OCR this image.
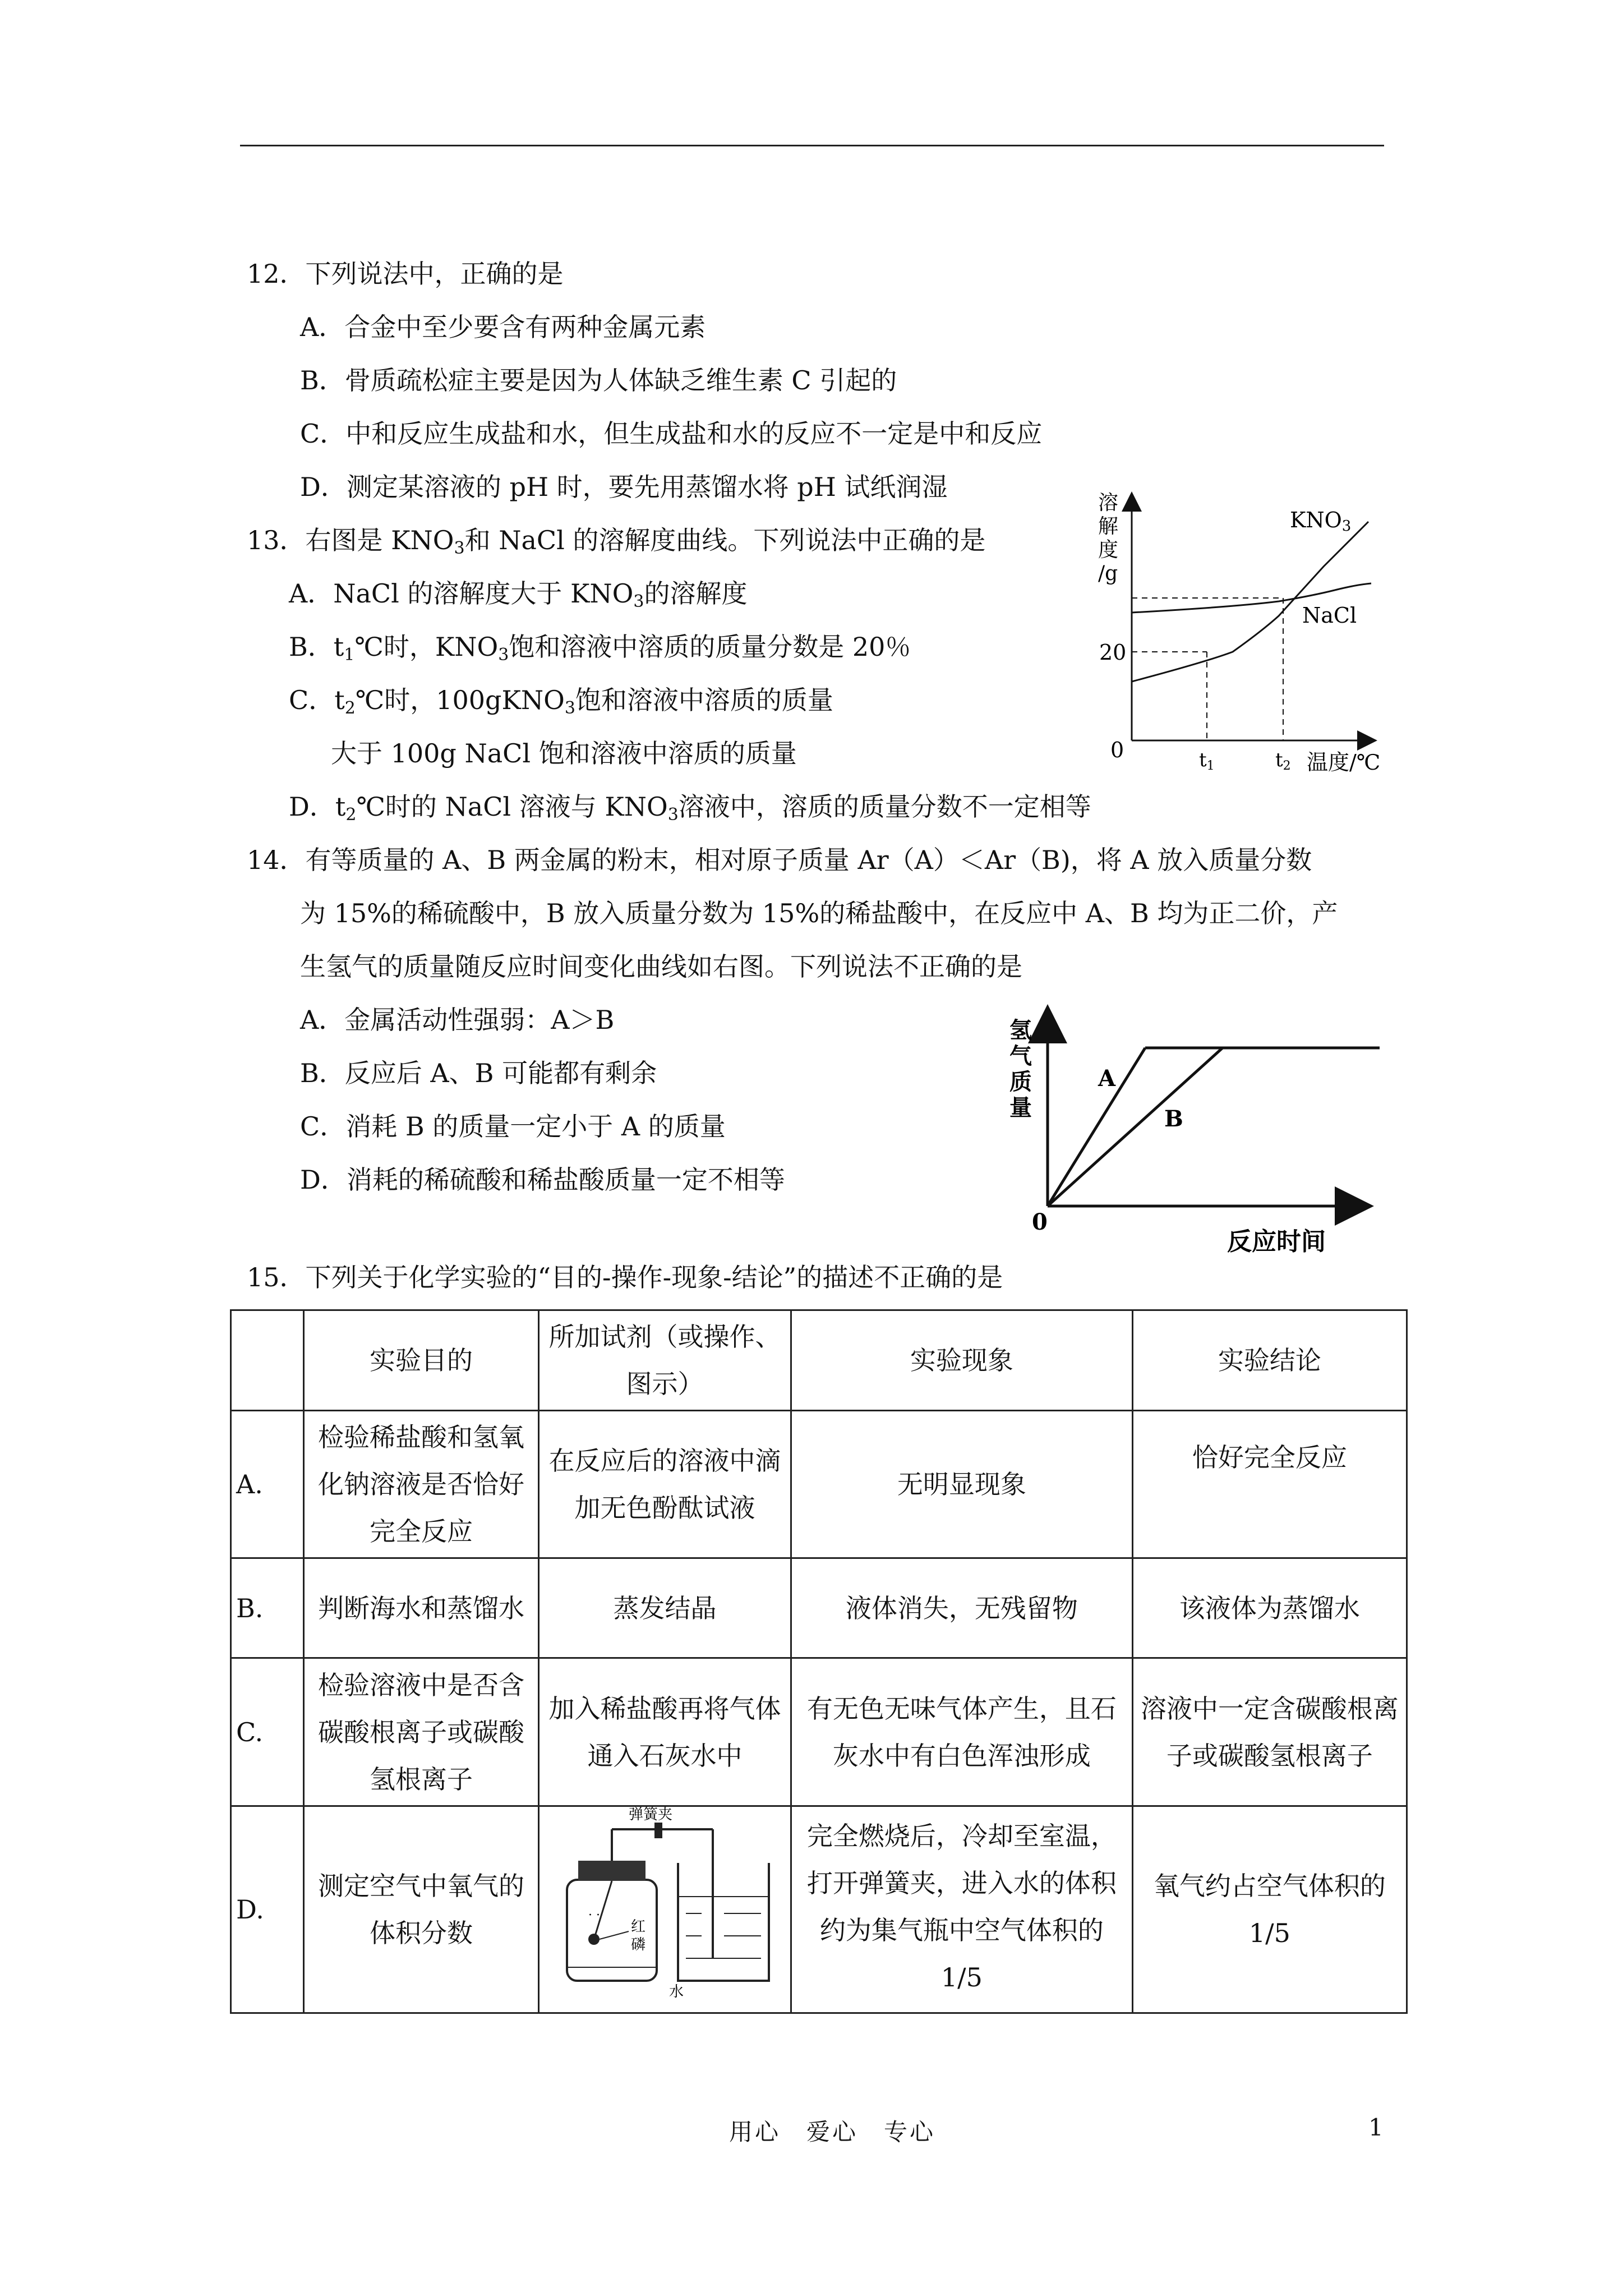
12．下列说法中，正确的是
A．合金中至少要含有两种金属元素
B．骨质疏松症主要是因为人体缺乏维生素 C 引起的
C．中和反应生成盐和水，但生成盐和水的反应不一定是中和反应
D．测定某溶液的 pH 时，要先用蒸馏水将 pH 试纸润湿
13．右图是 $KNO_3$和 NaCl 的溶解度曲线。下列说法中正确的是
A．NaCl 的溶解度大于 $KNO_3$的溶解度
B．$t_1℃$时，$KNO_3$饱和溶液中溶质的质量分数是 20％
C．$t_2℃$时，100gKNO$_3$饱和溶液中溶质的质量
大于 100g NaCl 饱和溶液中溶质的质量
D．$t_2℃$时的 NaCl 溶液与 $KNO_3$溶液中，溶质的质量分数不一定相等
溶
解
度
/g
KNO3
NaCl
20
0	t1	t2 温度/℃
14．有等质量的 A、B 两金属的粉末，相对原子质量 Ar（A）＜Ar（B)，将 A 放入质量分数
为 15%的稀硫酸中，B 放入质量分数为 15%的稀盐酸中，在反应中 A、B 均为正二价，产
生氢气的质量随反应时间变化曲线如右图。下列说法不正确的是
A．金属活动性强弱：A＞B
B．反应后 A、B 可能都有剩余
C．消耗 B 的质量一定小于 A 的质量
D．消耗的稀硫酸和稀盐酸质量一定不相等
氢
气
质
量
A
B
0
反应时间
15．下列关于化学实验的“目的-操作-现象-结论”的描述不正确的是
	实验目的	所加试剂（或操作、图示）	实验现象	实验结论
A.	检验稀盐酸和氢氧化钠溶液是否恰好完全反应	在反应后的溶液中滴加无色酚酞试液	无明显现象	恰好完全反应
B.	判断海水和蒸馏水	蒸发结晶	液体消失，无残留物	该液体为蒸馏水
C.	检验溶液中是否含碳酸根离子或碳酸氢根离子	加入稀盐酸再将气体通入石灰水中	有无色无味气体产生，且石灰水中有白色浑浊形成	溶液中一定含碳酸根离子或碳酸氢根离子
D.	测定空气中氧气的体积分数	弹簧夹
· ·
红
磷
水	完全燃烧后，冷却至室温，打开弹簧夹，进入水的体积约为集气瓶中空气体积的 1/5	氧气约占空气体积的 1/5
用心　爱心　专心	1
